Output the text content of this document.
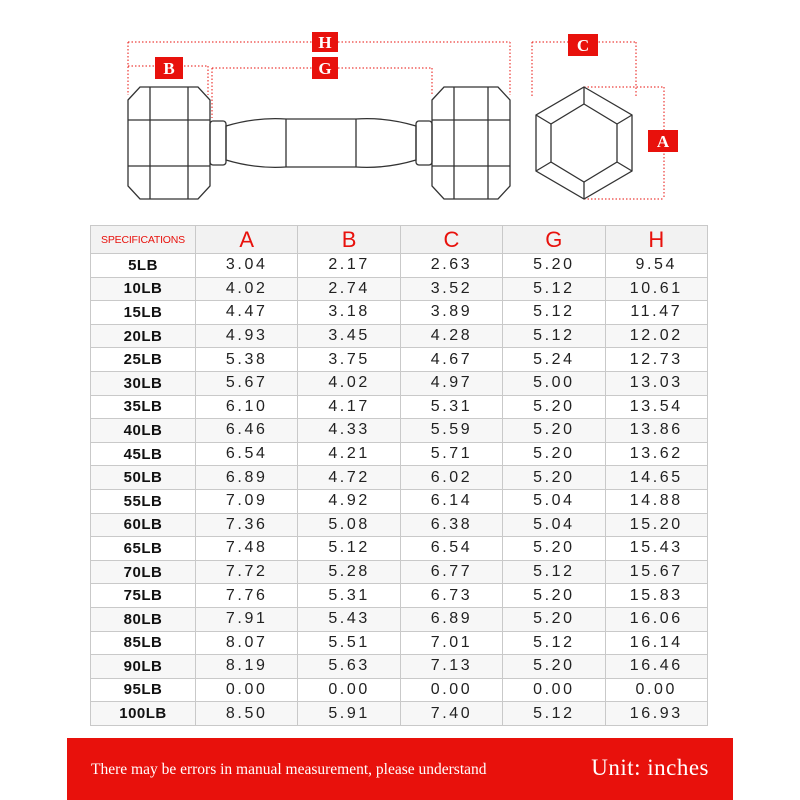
H
B	G
C
A
SPECIFICATIONS	A	B	C	G	H
5LB	3.04	2.17	2.63	5.20	9.54
10LB	4.02	2.74	3.52	5.12	10.61
15LB	4.47	3.18	3.89	5.12	11.47
20LB	4.93	3.45	4.28	5.12	12.02
25LB	5.38	3.75	4.67	5.24	12.73
30LB	5.67	4.02	4.97	5.00	13.03
35LB	6.10	4.17	5.31	5.20	13.54
40LB	6.46	4.33	5.59	5.20	13.86
45LB	6.54	4.21	5.71	5.20	13.62
50LB	6.89	4.72	6.02	5.20	14.65
55LB	7.09	4.92	6.14	5.04	14.88
60LB	7.36	5.08	6.38	5.04	15.20
65LB	7.48	5.12	6.54	5.20	15.43
70LB	7.72	5.28	6.77	5.12	15.67
75LB	7.76	5.31	6.73	5.20	15.83
80LB	7.91	5.43	6.89	5.20	16.06
85LB	8.07	5.51	7.01	5.12	16.14
90LB	8.19	5.63	7.13	5.20	16.46
95LB	0.00	0.00	0.00	0.00	0.00
100LB	8.50	5.91	7.40	5.12	16.93
There may be errors in manual measurement, please understand	Unit: inches
